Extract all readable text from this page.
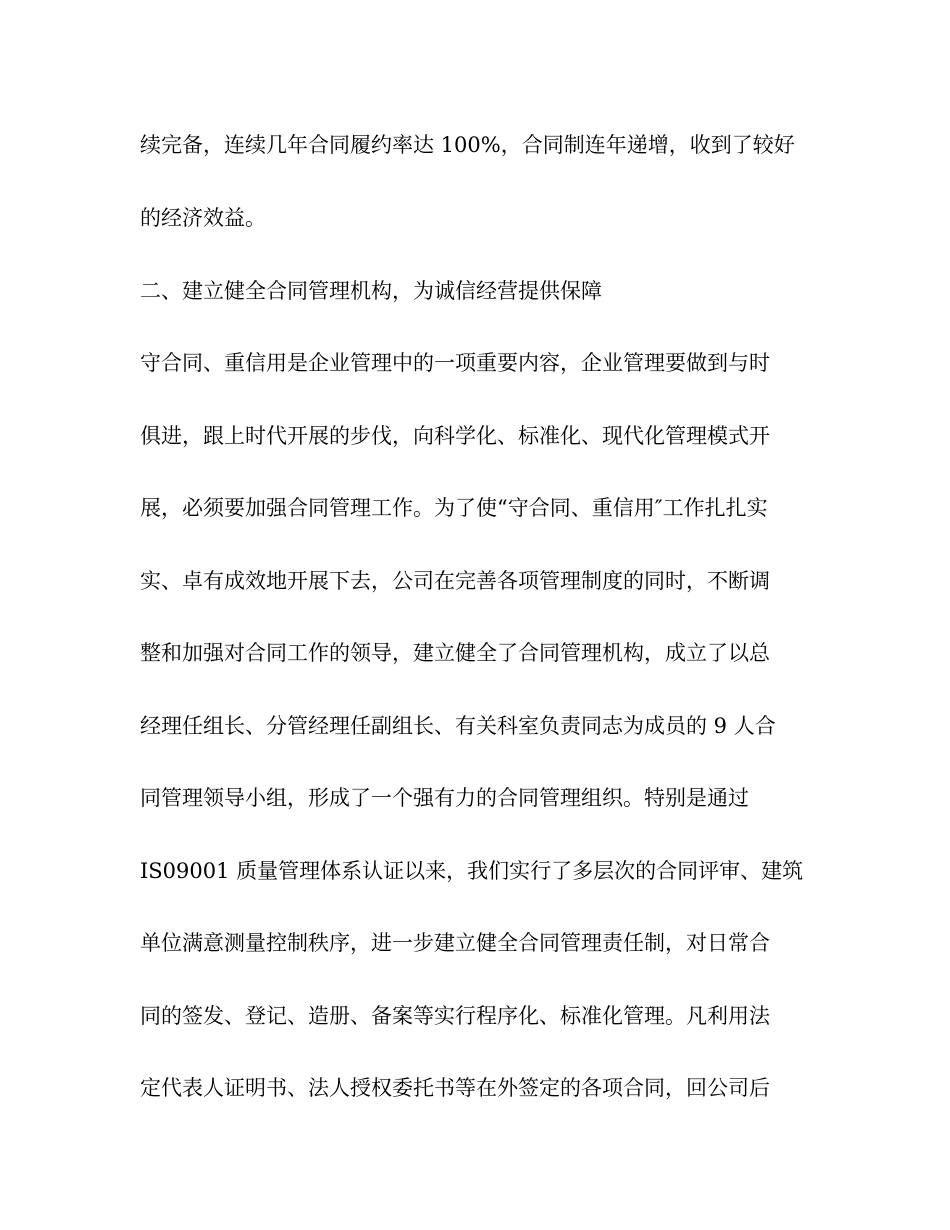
续完备，连续几年合同履约率达 100%，合同制连年递增，收到了较好

的经济效益。

二、建立健全合同管理机构，为诚信经营提供保障

守合同、重信用是企业管理中的一项重要内容，企业管理要做到与时

俱进，跟上时代开展的步伐，向科学化、标准化、现代化管理模式开

展，必须要加强合同管理工作。为了使“守合同、重信用″工作扎扎实

实、卓有成效地开展下去，公司在完善各项管理制度的同时，不断调

整和加强对合同工作的领导，建立健全了合同管理机构，成立了以总

经理任组长、分管经理任副组长、有关科室负责同志为成员的 9 人合

同管理领导小组，形成了一个强有力的合同管理组织。特别是通过

IS09001 质量管理体系认证以来，我们实行了多层次的合同评审、建筑

单位满意测量控制秩序，进一步建立健全合同管理责任制，对日常合

同的签发、登记、造册、备案等实行程序化、标准化管理。凡利用法

定代表人证明书、法人授权委托书等在外签定的各项合同，回公司后
